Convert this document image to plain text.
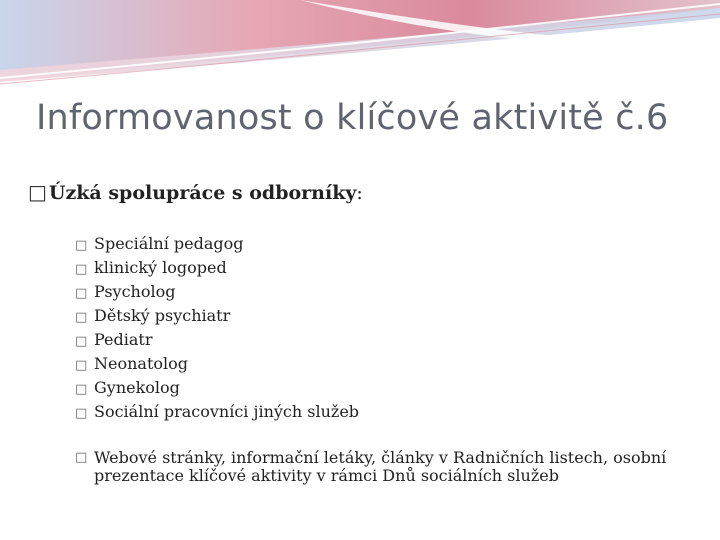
Informovanost o klíčové aktivitě č.6
□ Úzká spolupráce s odborníky:
□ Speciální pedagog
□ klinický logoped
□ Psycholog
□ Dětský psychiatr
□ Pediatr
□ Neonatolog
□ Gynekolog
□ Sociální pracovníci jiných služeb
□ Webové stránky, informační letáky, články v Radničních listech, osobní prezentace klíčové aktivity v rámci Dnů sociálních služeb
